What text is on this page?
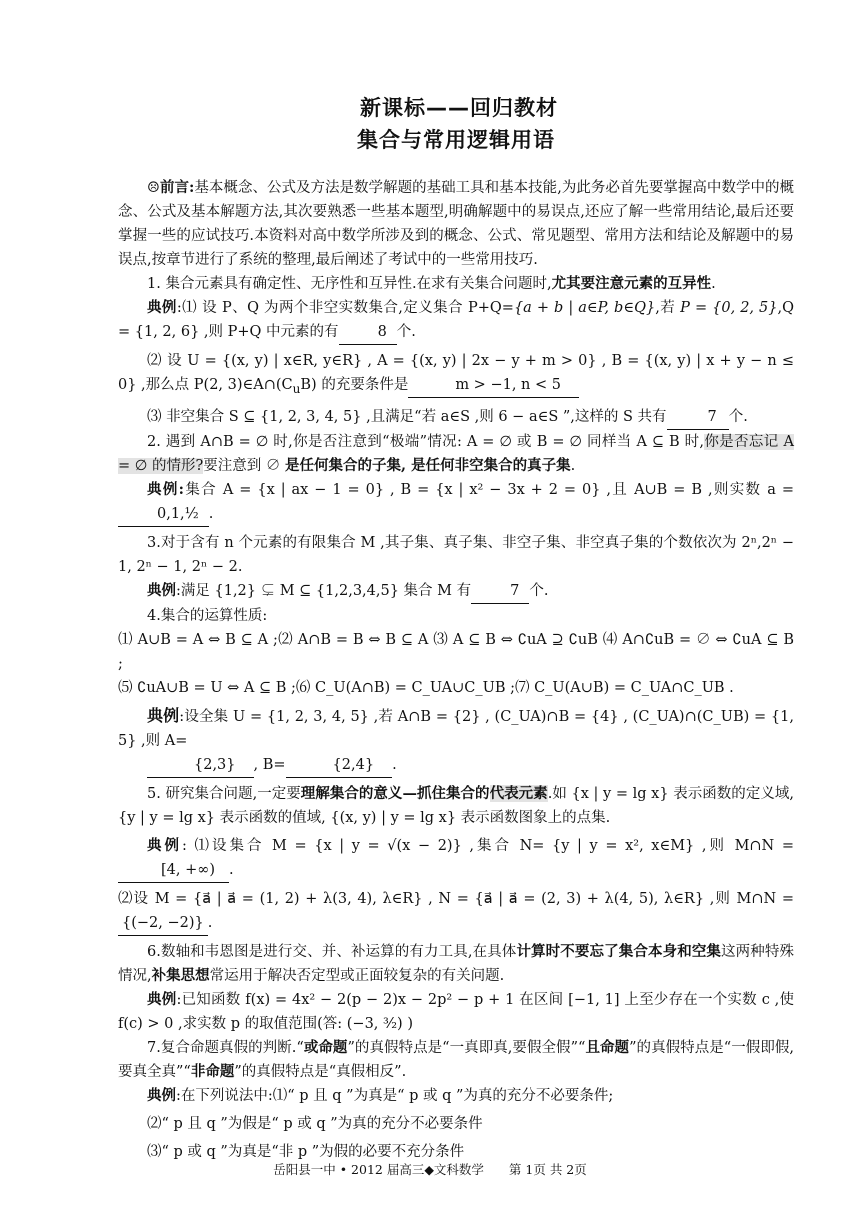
新课标——回归教材
集合与常用逻辑用语

☹前言:基本概念、公式及方法是数学解题的基础工具和基本技能,为此务必首先要掌握高中数学中的概念、公式及基本解题方法,其次要熟悉一些基本题型,明确解题中的易误点,还应了解一些常用结论,最后还要掌握一些的应试技巧.本资料对高中数学所涉及到的概念、公式、常见题型、常用方法和结论及解题中的易误点,按章节进行了系统的整理,最后阐述了考试中的一些常用技巧.

1. 集合元素具有确定性、无序性和互异性.在求有关集合问题时,尤其要注意元素的互异性.

典例:⑴ 设 P、Q 为两个非空实数集合,定义集合 P+Q={a + b | a∈P, b∈Q},若 P = {0, 2, 5},Q = {1, 2, 6} ,则 P+Q 中元素的有	8 个.

⑵ 设 U = {(x, y) | x∈R, y∈R} , A = {(x, y) | 2x − y + m > 0} , B = {(x, y) | x + y − n ≤ 0} ,那么点 P(2, $3)\in A\cap(C_uB)$ 的充要条件是	m > −1, n < 5

⑶ 非空集合 S ⊆ {1, 2, 3, 4, 5} ,且满足“若 a∈S ,则 6 − a∈S ”,这样的 S 共有	7 个.

2. 遇到 A∩B = ∅ 时,你是否注意到“极端”情况: A = ∅ 或 B = ∅ 同样当 A ⊆ B 时,你是否忘记 A = ∅ 的情形?要注意到 ∅ 是任何集合的子集, 是任何非空集合的真子集.

典例:集合 A = {x | ax − 1 = 0} , B = {x | x² − 3x + 2 = 0} ,且 A∪B = B ,则实数 a =0,1,½ .

3.对于含有 n 个元素的有限集合 M ,其子集、真子集、非空子集、非空真子集的个数依次为 2ⁿ,2ⁿ − 1, 2ⁿ − 1, 2ⁿ − 2.

典例:满足 {1,2} ⊊ M ⊆ {1,2,3,4,5} 集合 M 有	7 个.

4.集合的运算性质:

⑴ A∪B = A ⇔ B ⊆ A ;⑵ A∩B = B ⇔ B ⊆ A ⑶ A ⊆ B ⇔ ∁uA ⊇ ∁uB ⑷ A∩∁uB = ∅ ⇔ ∁uA ⊆ B ;

⑸ ∁uA∪B = U ⇔ A ⊆ B ;⑹ C_U(A∩B) = C_UA∪C_UB ;⑺ C_U(A∪B) = C_UA∩C_UB .

典例:设全集 U = {1, 2, 3, 4, 5} ,若 A∩B = {2} , (C_UA)∩B = {4} , (C_UA)∩(C_UB) = {1, 5} ,则 A=

{2,3} , B=	{2,4} .

5. 研究集合问题,一定要理解集合的意义—抓住集合的代表元素.如 {x | y = lg x} 表示函数的定义域, {y | y = lg x} 表示函数的值域, {(x, y) | y = lg x} 表示函数图象上的点集.

典例: ⑴设集合 M = {x | y = √(x − 2)} ,集合 N= {y | y = x², x∈M} ,则 M∩N =[4, +∞) .

⑵设 M = {a⃗ | a⃗ = (1, 2) + λ(3, 4), λ∈R} , N = {a⃗ | a⃗ = (2, 3) + λ(4, 5), λ∈R} ,则 M∩N ={(−2, −2)} .

6.数轴和韦恩图是进行交、并、补运算的有力工具,在具体计算时不要忘了集合本身和空集这两种特殊情况,补集思想常运用于解决否定型或正面较复杂的有关问题.

典例:已知函数 f(x) = 4x² − 2(p − 2)x − 2p² − p + 1 在区间 [−1, 1] 上至少存在一个实数 c ,使 f(c) > 0 ,求实数 p 的取值范围(答: (−3, ³⁄₂) )

7.复合命题真假的判断.“或命题”的真假特点是“一真即真,要假全假”“且命题”的真假特点是“一假即假,要真全真”“非命题”的真假特点是“真假相反”.

典例:在下列说法中:⑴“ p 且 q ”为真是“ p 或 q ”为真的充分不必要条件;

⑵“ p 且 q ”为假是“ p 或 q ”为真的充分不必要条件

⑶“ p 或 q ”为真是“非 p ”为假的必要不充分条件

岳阳县一中 • 2012 届高三◆文科数学　　第 1页 共 2页
